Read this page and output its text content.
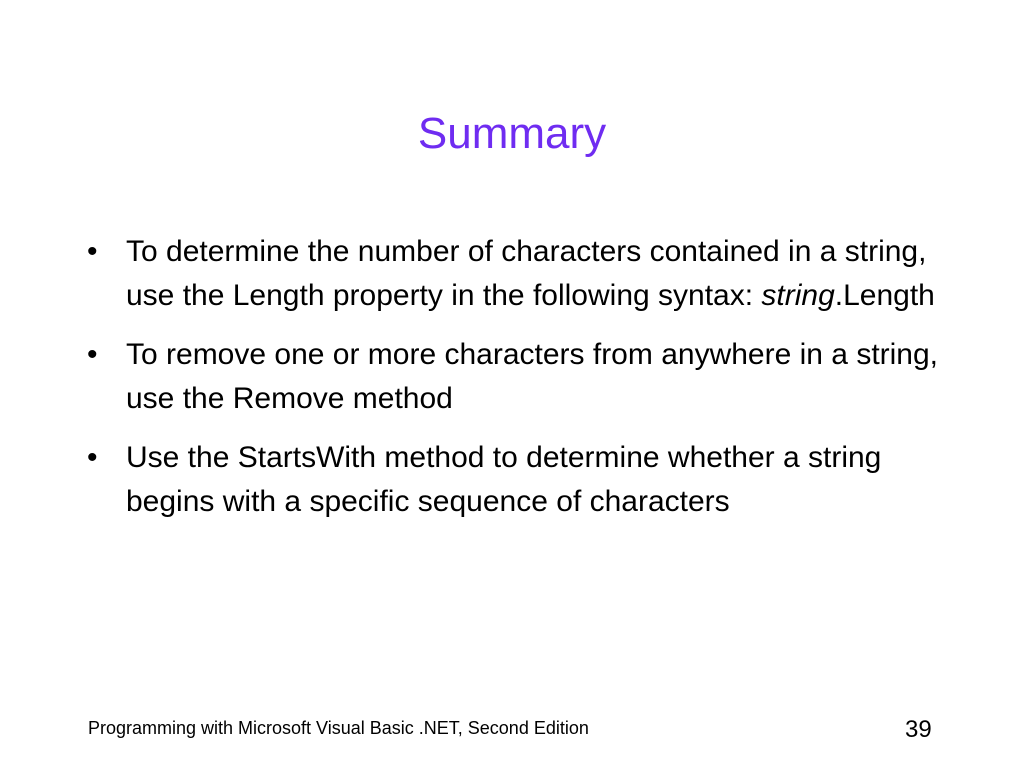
Summary
• To determine the number of characters contained in a string, use the Length property in the following syntax: string.Length
• To remove one or more characters from anywhere in a string, use the Remove method
• Use the StartsWith method to determine whether a string begins with a specific sequence of characters
Programming with Microsoft Visual Basic .NET, Second Edition	39
